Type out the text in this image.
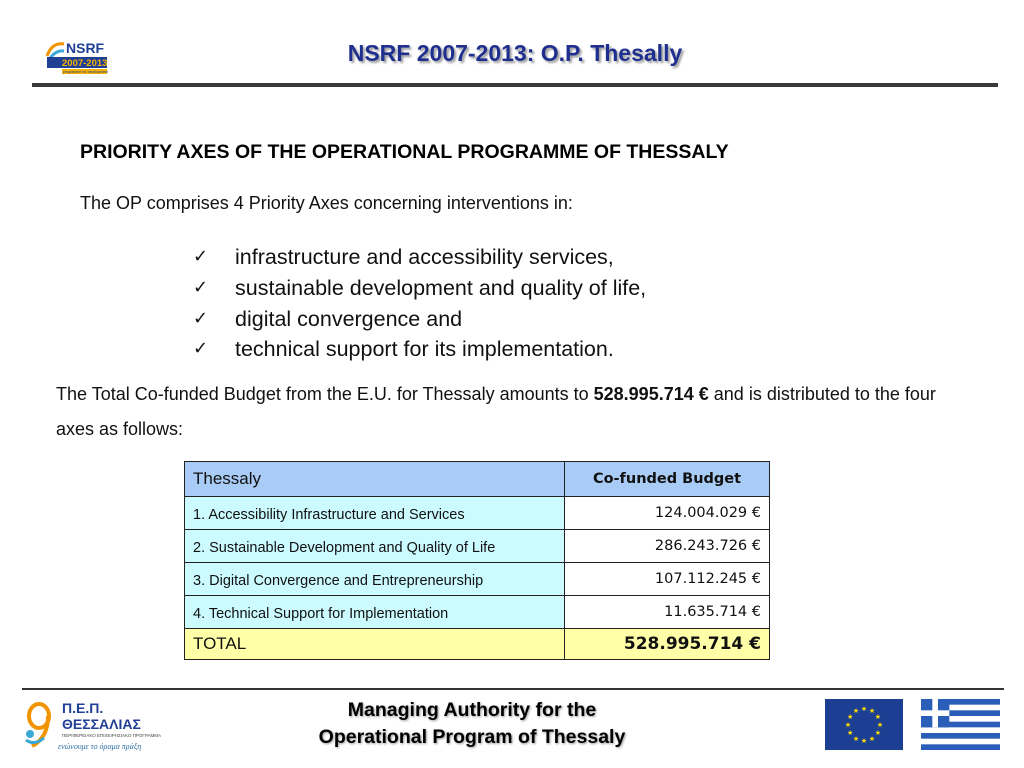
NSRF
2007-2013
programme for development
NSRF 2007-2013: O.P. Thesally
PRIORITY AXES OF THE OPERATIONAL PROGRAMME OF THESSALY
The OP comprises 4 Priority Axes concerning interventions in:
✓ infrastructure and accessibility services,
✓ sustainable development and quality of life,
✓ digital convergence and
✓ technical support for its implementation.
The Total Co-funded Budget from the E.U. for Thessaly amounts to 528.995.714 € and is distributed to the four axes as follows:
Thessaly	Co-funded Budget
1. Accessibility Infrastructure and Services	124.004.029 €
2. Sustainable Development and Quality of Life	286.243.726 €
3. Digital Convergence and Entrepreneurship	107.112.245 €
4. Technical Support for Implementation	11.635.714 €
TOTAL	528.995.714 €
Π.Ε.Π.
ΘΕΣΣΑΛΙΑΣ
ΠΕΡΙΦΕΡΕΙΑΚΟ ΕΠΙΧΕΙΡΗΣΙΑΚΟ ΠΡΟΓΡΑΜΜΑ
ενώνουμε το όραμα πράξη
Managing Authority for the
Operational Program of Thessaly
★ ★
★
★
★
★
★
★
★
★
★
★
